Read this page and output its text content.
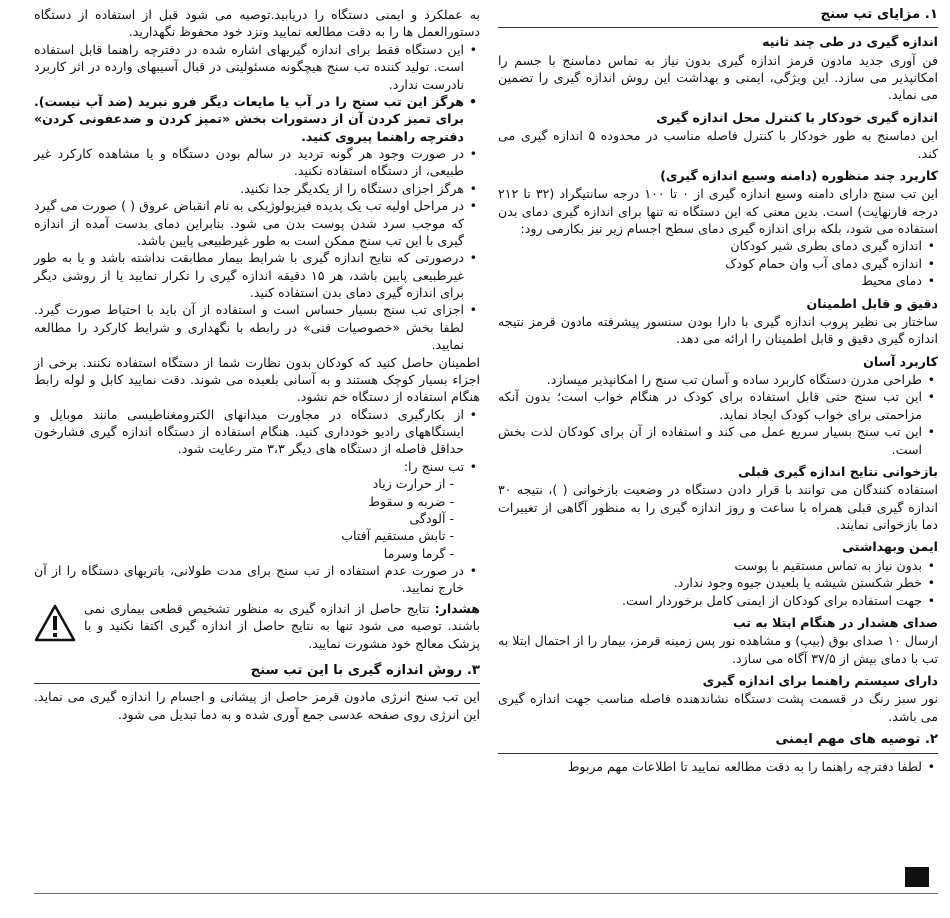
۱. مزایای تب سنج
اندازه گیری در طی چند ثانیه

فن آوری جدید مادون قرمز اندازه گیری بدون نیاز به تماس دماسنج با جسم را امکانپذیر می سازد. این ویژگی، ایمنی و بهداشت این روش اندازه گیری را تضمین می نماید.

اندازه گیری خودکار با کنترل محل اندازه گیری

این دماسنج به طور خودکار با کنترل فاصله مناسب در محدوده ۵ اندازه گیری می کند.

کاربرد چند منظوره (دامنه وسیع اندازه گیری)

این تب سنج دارای دامنه وسیع اندازه گیری از ۰ تا ۱۰۰ درجه سانتیگراد (۳۲ تا ۲۱۲ درجه فارنهایت) است. بدین معنی که این دستگاه نه تنها برای اندازه گیری دمای بدن استفاده می شود، بلکه برای اندازه گیری دمای سطح اجسام زیر نیز بکارمی رود:

• اندازه گیری دمای بطری شیر کودکان
• اندازه گیری دمای آب وان حمام کودک
• دمای محیط
دقیق و قابل اطمینان

ساختار بی نظیر پروب اندازه گیری با دارا بودن سنسور پیشرفته مادون قرمز نتیجه اندازه گیری دقیق و قابل اطمینان را ارائه می دهد.

کاربرد آسان
• طراحی مدرن دستگاه کاربرد ساده و آسان تب سنج را امکانپذیر میسازد.
• این تب سنج حتی قابل استفاده برای کودک در هنگام خواب است؛ بدون آنکه مزاحمتی برای خواب کودک ایجاد نماید.
• این تب سنج بسیار سریع عمل می کند و استفاده از آن برای کودکان لذت بخش است.
بازخوانی نتایج اندازه گیری قبلی

استفاده کنندگان می توانند با قرار دادن دستگاه در وضعیت بازخوانی ( )، نتیجه ۳۰ اندازه گیری قبلی همراه با ساعت و روز اندازه گیری را به منظور آگاهی از تغییرات دما بازخوانی نمایند.

ایمن وبهداشتی
• بدون نیاز به تماس مستقیم با پوست
• خطر شکستن شیشه یا بلعیدن جیوه وجود ندارد.
• جهت استفاده برای کودکان از ایمنی کامل برخوردار است.
صدای هشدار در هنگام ابتلا به تب

ارسال ۱۰ صدای بوق (بیپ) و مشاهده نور پس زمینه قرمز، بیمار را از احتمال ابتلا به تب با دمای بیش از ۳۷/۵ آگاه می سازد.

دارای سیستم راهنما برای اندازه گیری

نور سبز رنگ در قسمت پشت دستگاه نشاندهنده فاصله مناسب جهت اندازه گیری می باشد.

۲. توصیه های مهم ایمنی
• لطفا دفترچه راهنما را به دقت مطالعه نمایید تا اطلاعات مهم مربوط

به عملکرد و ایمنی دستگاه را دریابید.توصیه می شود قبل از استفاده از دستگاه دستورالعمل ها را به دقت مطالعه نمایید ونزد خود محفوظ نگهدارید.

• این دستگاه فقط برای اندازه گیریهای اشاره شده در دفترچه راهنما قابل استفاده است. تولید کننده تب سنج هیچگونه مسئولیتی در قبال آسیبهای وارده در اثر کاربرد نادرست ندارد.
• هرگز این تب سنج را در آب یا مایعات دیگر فرو نبرید (ضد آب نیست). برای تمیز کردن آن از دستورات بخش «تمیز کردن و ضدعفونی کردن» دفترچه راهنما پیروی کنید.
• در صورت وجود هر گونه تردید در سالم بودن دستگاه و یا مشاهده کارکرد غیر طبیعی، از دستگاه استفاده نکنید.
• هرگز اجزای دستگاه را از یکدیگر جدا نکنید.
• در مراحل اولیه تب یک پدیده فیزیولوژیکی به نام انقباض عروق ( ) صورت می گیرد که موجب سرد شدن پوست بدن می شود. بنابراین دمای بدست آمده از اندازه گیری با این تب سنج ممکن است به طور غیرطبیعی پایین باشد.
• درصورتی که نتایج اندازه گیری با شرایط بیمار مطابقت نداشته باشد و یا به طور غیرطبیعی پایین باشد، هر ۱۵ دقیقه اندازه گیری را تکرار نمایید یا از روشی دیگر برای اندازه گیری دمای بدن استفاده کنید.
• اجزای تب سنج بسیار حساس است و استفاده از آن باید با احتیاط صورت گیرد. لطفا بخش «خصوصیات فنی» در رابطه با نگهداری و شرایط کارکرد را مطالعه نمایید.

اطمینان حاصل کنید که کودکان بدون نظارت شما از دستگاه استفاده نکنند. برخی از اجزاء بسیار کوچک هستند و به آسانی بلعیده می شوند. دقت نمایید کابل و لوله رابط هنگام استفاده از دستگاه خم نشود.

• از بکارگیری دستگاه در مجاورت میدانهای الکترومغناطیسی مانند موبایل و ایستگاههای رادیو خودداری کنید. هنگام استفاده از دستگاه اندازه گیری فشارخون حداقل فاصله از دستگاه های دیگر ۳،۳ متر رعایت شود.
• تب سنج را:
- از حرارت زیاد
- ضربه و سقوط
- آلودگی
- تابش مستقیم آفتاب
- گرما وسرما
• در صورت عدم استفاده از تب سنج برای مدت طولانی، باتریهای دستگاه را از آن خارج نمایید.
هشدار: نتایج حاصل از اندازه گیری به منظور تشخیص قطعی بیماری نمی باشند. توصیه می شود تنها به نتایج حاصل از اندازه گیری اکتفا نکنید و با پزشک معالج خود مشورت نمایید.
۳. روش اندازه گیری با این تب سنج

این تب سنج انرژی مادون قرمز حاصل از پیشانی و اجسام را اندازه گیری می نماید. این انرژی روی صفحه عدسی جمع آوری شده و به دما تبدیل می شود.
